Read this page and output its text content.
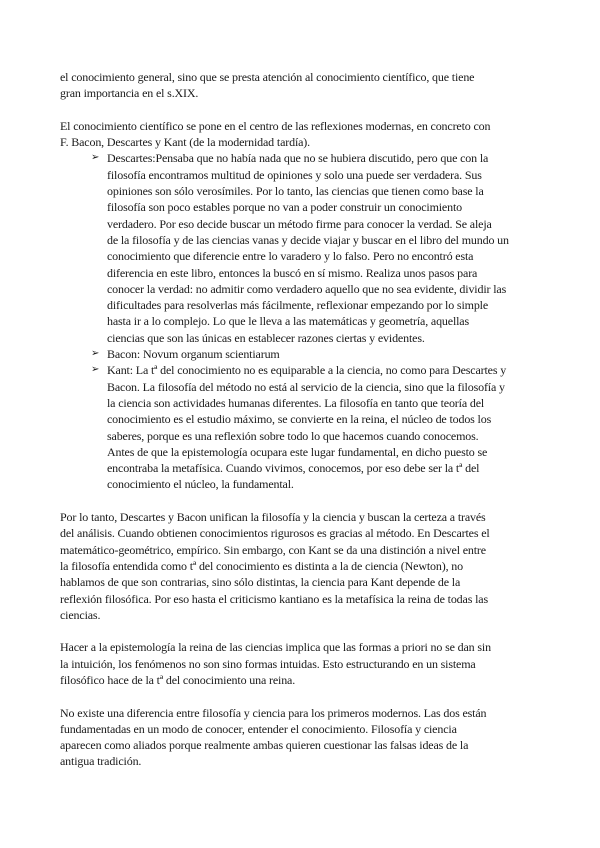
el conocimiento general, sino que se presta atención al conocimiento científico, que tiene
gran importancia en el s.XIX.
El conocimiento científico se pone en el centro de las reflexiones modernas, en concreto con
F. Bacon, Descartes y Kant (de la modernidad tardía).
➢ Descartes:Pensaba que no había nada que no se hubiera discutido, pero que con la
filosofía encontramos multitud de opiniones y solo una puede ser verdadera. Sus
opiniones son sólo verosímiles. Por lo tanto, las ciencias que tienen como base la
filosofía son poco estables porque no van a poder construir un conocimiento
verdadero. Por eso decide buscar un método firme para conocer la verdad. Se aleja
de la filosofía y de las ciencias vanas y decide viajar y buscar en el libro del mundo un
conocimiento que diferencie entre lo varadero y lo falso. Pero no encontró esta
diferencia en este libro, entonces la buscó en sí mismo. Realiza unos pasos para
conocer la verdad: no admitir como verdadero aquello que no sea evidente, dividir las
dificultades para resolverlas más fácilmente, reflexionar empezando por lo simple
hasta ir a lo complejo. Lo que le lleva a las matemáticas y geometría, aquellas
ciencias que son las únicas en establecer razones ciertas y evidentes.
➢ Bacon: Novum organum scientiarum
➢ Kant: La tª del conocimiento no es equiparable a la ciencia, no como para Descartes y
Bacon. La filosofía del método no está al servicio de la ciencia, sino que la filosofía y
la ciencia son actividades humanas diferentes. La filosofía en tanto que teoría del
conocimiento es el estudio máximo, se convierte en la reina, el núcleo de todos los
saberes, porque es una reflexión sobre todo lo que hacemos cuando conocemos.
Antes de que la epistemología ocupara este lugar fundamental, en dicho puesto se
encontraba la metafísica. Cuando vivimos, conocemos, por eso debe ser la tª del
conocimiento el núcleo, la fundamental.
Por lo tanto, Descartes y Bacon unifican la filosofía y la ciencia y buscan la certeza a través
del análisis. Cuando obtienen conocimientos rigurosos es gracias al método. En Descartes el
matemático-geométrico, empírico. Sin embargo, con Kant se da una distinción a nivel entre
la filosofía entendida como tª del conocimiento es distinta a la de ciencia (Newton), no
hablamos de que son contrarias, sino sólo distintas, la ciencia para Kant depende de la
reflexión filosófica. Por eso hasta el criticismo kantiano es la metafísica la reina de todas las
ciencias.
Hacer a la epistemología la reina de las ciencias implica que las formas a priori no se dan sin
la intuición, los fenómenos no son sino formas intuidas. Esto estructurando en un sistema
filosófico hace de la tª del conocimiento una reina.
No existe una diferencia entre filosofía y ciencia para los primeros modernos. Las dos están
fundamentadas en un modo de conocer, entender el conocimiento. Filosofía y ciencia
aparecen como aliados porque realmente ambas quieren cuestionar las falsas ideas de la
antigua tradición.
